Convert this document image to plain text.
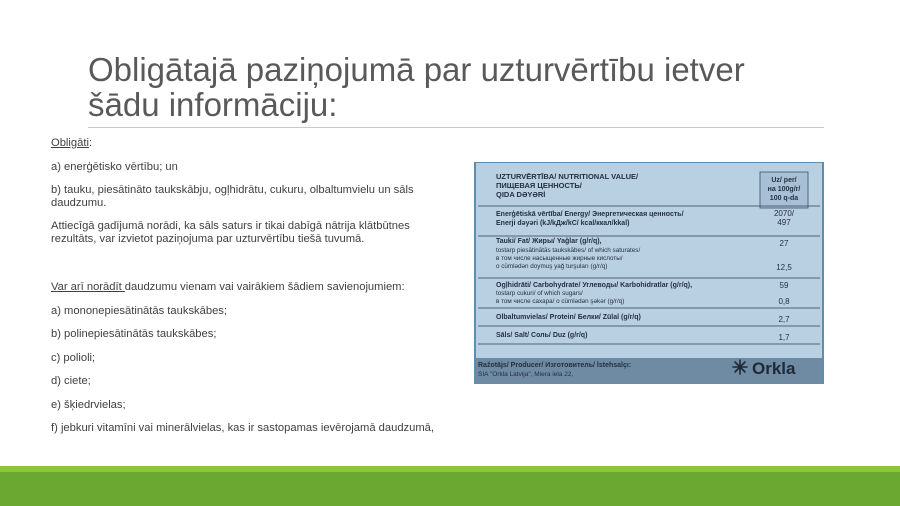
Obligātajā paziņojumā par uzturvērtību ietver
šādu informāciju:

Obligāti:

a) enerģētisko vērtību; un

b) tauku, piesātināto taukskābju, ogļhidrātu, cukuru, olbaltumvielu un sāls daudzumu.

Attiecīgā gadījumā norādi, ka sāls saturs ir tikai dabīgā nātrija klātbūtnes rezultāts, var izvietot paziņojuma par uzturvērtību tiešā tuvumā.

Var arī norādīt daudzumu vienam vai vairākiem šādiem savienojumiem:

a) mononepiesātinātās taukskābes;

b) polinepiesātinātās taukskābes;

c) polioli;

d) ciete;

e) šķiedrvielas;

f) jebkuri vitamīni vai minerālvielas, kas ir sastopamas ievērojamā daudzumā,

UZTURVĒRTĪBA/ NUTRITIONAL VALUE/
ПИЩЕВАЯ ЦЕННОСТЬ/
QIDA DƏYƏRİ
Uz/ per/
на 100g/r/
100 q-da
Enerģētiskā vērtība/ Energy/ Энергетическая ценность/
Enerji dəyəri (kJ/kДж/kC/ kcal/ккал/kkal)
Tauki/ Fat/ Жиры/ Yağlar (g/r/q),
Ogļhidrāti/ Carbohydrate/ Углеводы/ Karbohidratlar (g/r/q),
Olbaltumvielas/ Protein/ Белки/ Zülal (g/r/q)
Sāls/ Salt/ Соль/ Duz (g/r/q)
Ražotājs/ Producer/ Изготовитель/ İstehsalçı:
tostarp piesātinātās taukskābes/ of which saturates/
в том числе насыщенные жирные кислоты/
o cümlədən doymuş yağ turşuları (g/r/q)
tostarp cukuri/ of which sugars/
в том числе сахара/ o cümlədən şəkər (g/r/q)
SIA "Orkla Latvija", Miera iela 22,
2070/
497
27
12,5
59
0,8
2,7
1,7
Orkla
